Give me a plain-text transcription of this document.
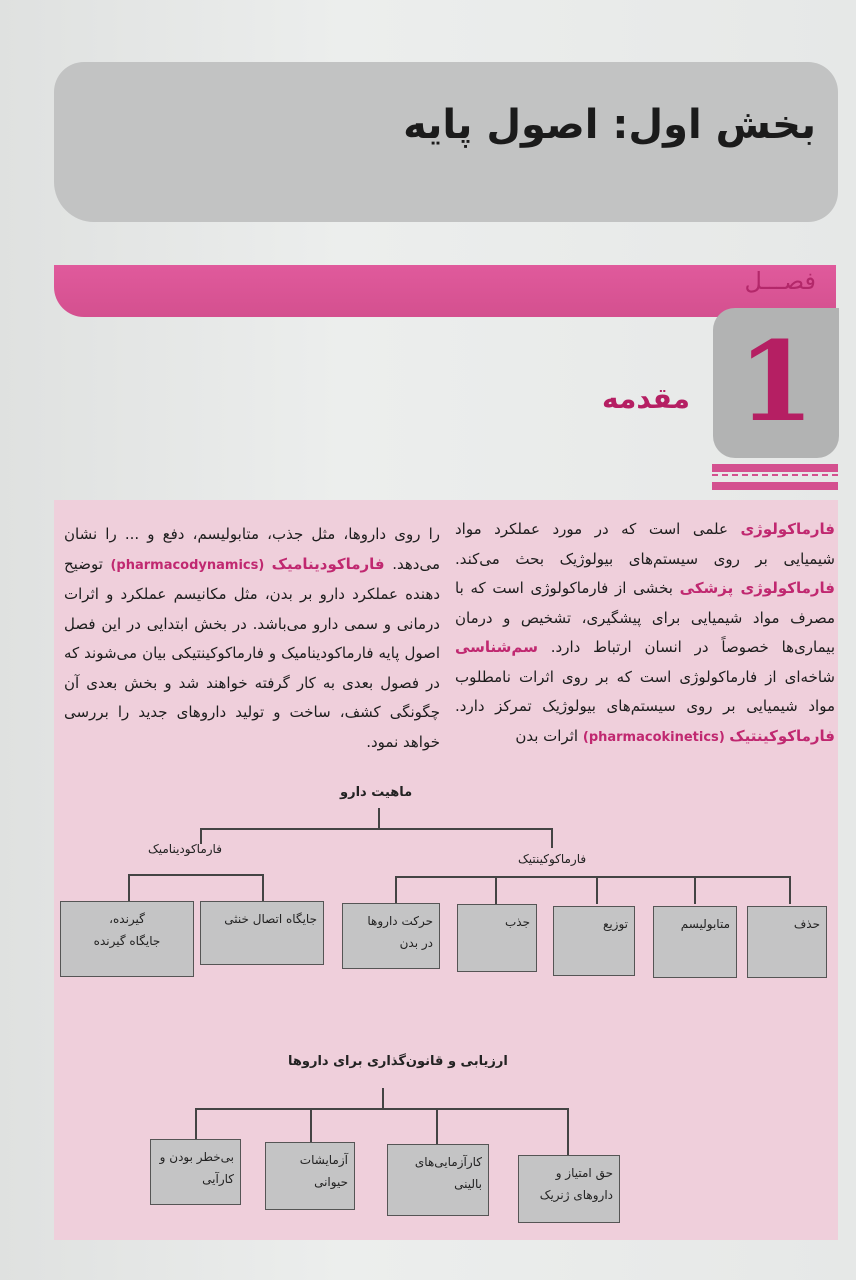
بخش اول: اصول پایه
فصـــل
1
مقدمه
فارماکولوژی علمی است که در مورد عملکرد مواد شیمیایی بر روی سیستم‌های بیولوژیک بحث می‌کند. فارماکولوژی پزشکی بخشی از فارماکولوژی است که با مصرف مواد شیمیایی برای پیشگیری، تشخیص و درمان بیماری‌ها خصوصاً در انسان ارتباط دارد. سم‌شناسی شاخه‌ای از فارماکولوژی است که بر روی اثرات نامطلوب مواد شیمیایی بر روی سیستم‌های بیولوژیک تمرکز دارد. فارماکوکینتیک (pharmacokinetics) اثرات بدن
را روی داروها، مثل جذب، متابولیسم، دفع و ... را نشان می‌دهد. فارماکودینامیک (pharmacodynamics) توضیح دهنده عملکرد دارو بر بدن، مثل مکانیسم عملکرد و اثرات درمانی و سمی دارو می‌باشد. در بخش ابتدایی در این فصل اصول پایه فارماکودینامیک و فارماکوکینتیکی بیان می‌شوند که در فصول بعدی به کار گرفته خواهند شد و بخش بعدی آن چگونگی کشف، ساخت و تولید داروهای جدید را بررسی خواهد نمود.
ماهیت دارو
فارماکودینامیک
فارماکوکینتیک
گیرنده،
جایگاه گیرنده
جایگاه اتصال خنثی	حرکت داروها
در بدن
جذب	توزیع	متابولیسم	حذف
ارزیابی و قانون‌گذاری برای داروها
بی‌خطر بودن و
کارآیی
آزمایشات حیوانی
کارآزمایی‌های
بالینی
حق امتیاز و
داروهای ژنریک
